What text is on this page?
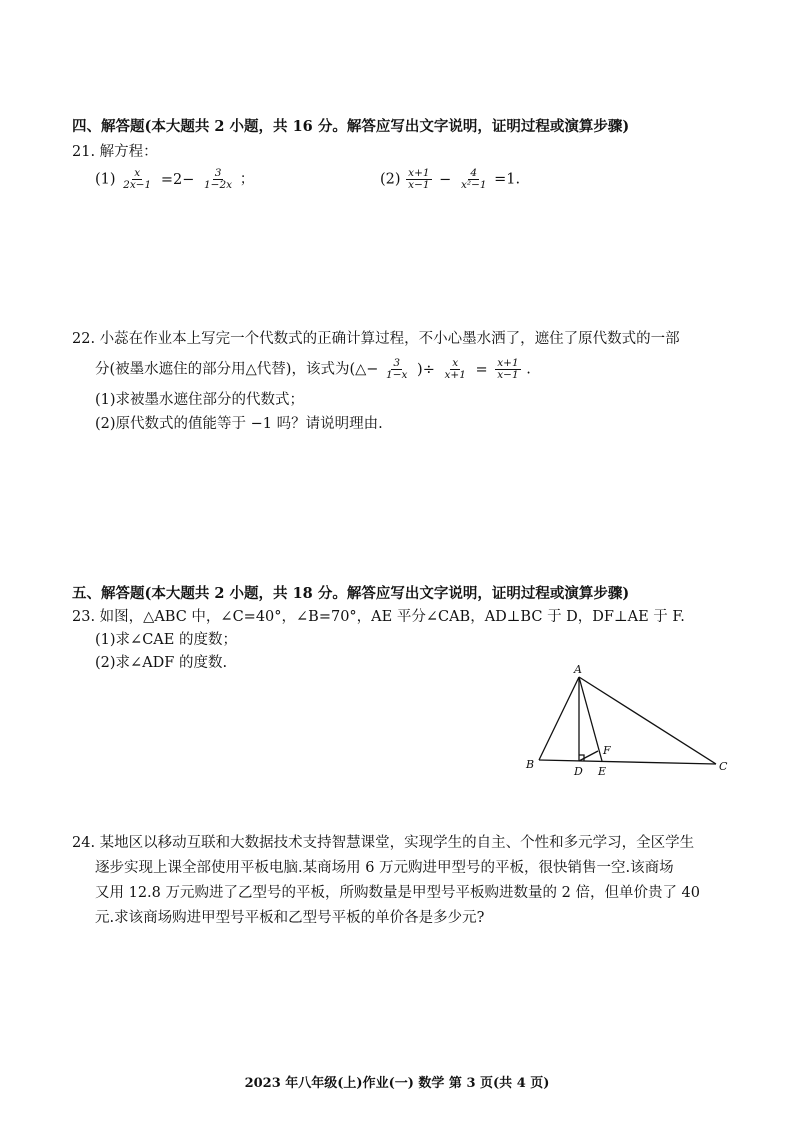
四、解答题(本大题共 2 小题，共 16 分。解答应写出文字说明，证明过程或演算步骤)
21. 解方程：
$(1) \frac{x}{2x-1} =2- \frac{3}{1-2x}$ ；	$(2) \frac{x+1}{x-1} - \frac{4}{\text{x²−1}} =1$.
22. 小蕊在作业本上写完一个代数式的正确计算过程，不小心墨水洒了，遮住了原代数式的一部
分(被墨水遮住的部分用△代替)，该式为(△− $\frac{3}{1-x}$ )÷ $\frac{x}{x+1} = \frac{x+1}{x-1}$ .
(1)求被墨水遮住部分的代数式；
(2)原代数式的值能等于 −1 吗？请说明理由.
五、解答题(本大题共 2 小题，共 18 分。解答应写出文字说明，证明过程或演算步骤)
23. 如图，△ABC 中，∠C=40°，∠B=70°，AE 平分∠CAB，AD⊥BC 于 D，DF⊥AE 于 F.
(1)求∠CAE 的度数；
(2)求∠ADF 的度数.	A
B	C
D E
F
24. 某地区以移动互联和大数据技术支持智慧课堂，实现学生的自主、个性和多元学习，全区学生
逐步实现上课全部使用平板电脑.某商场用 6 万元购进甲型号的平板，很快销售一空.该商场
又用 12.8 万元购进了乙型号的平板，所购数量是甲型号平板购进数量的 2 倍，但单价贵了 40
元.求该商场购进甲型号平板和乙型号平板的单价各是多少元?
2023 年八年级(上)作业(一) 数学 第 3 页(共 4 页)
